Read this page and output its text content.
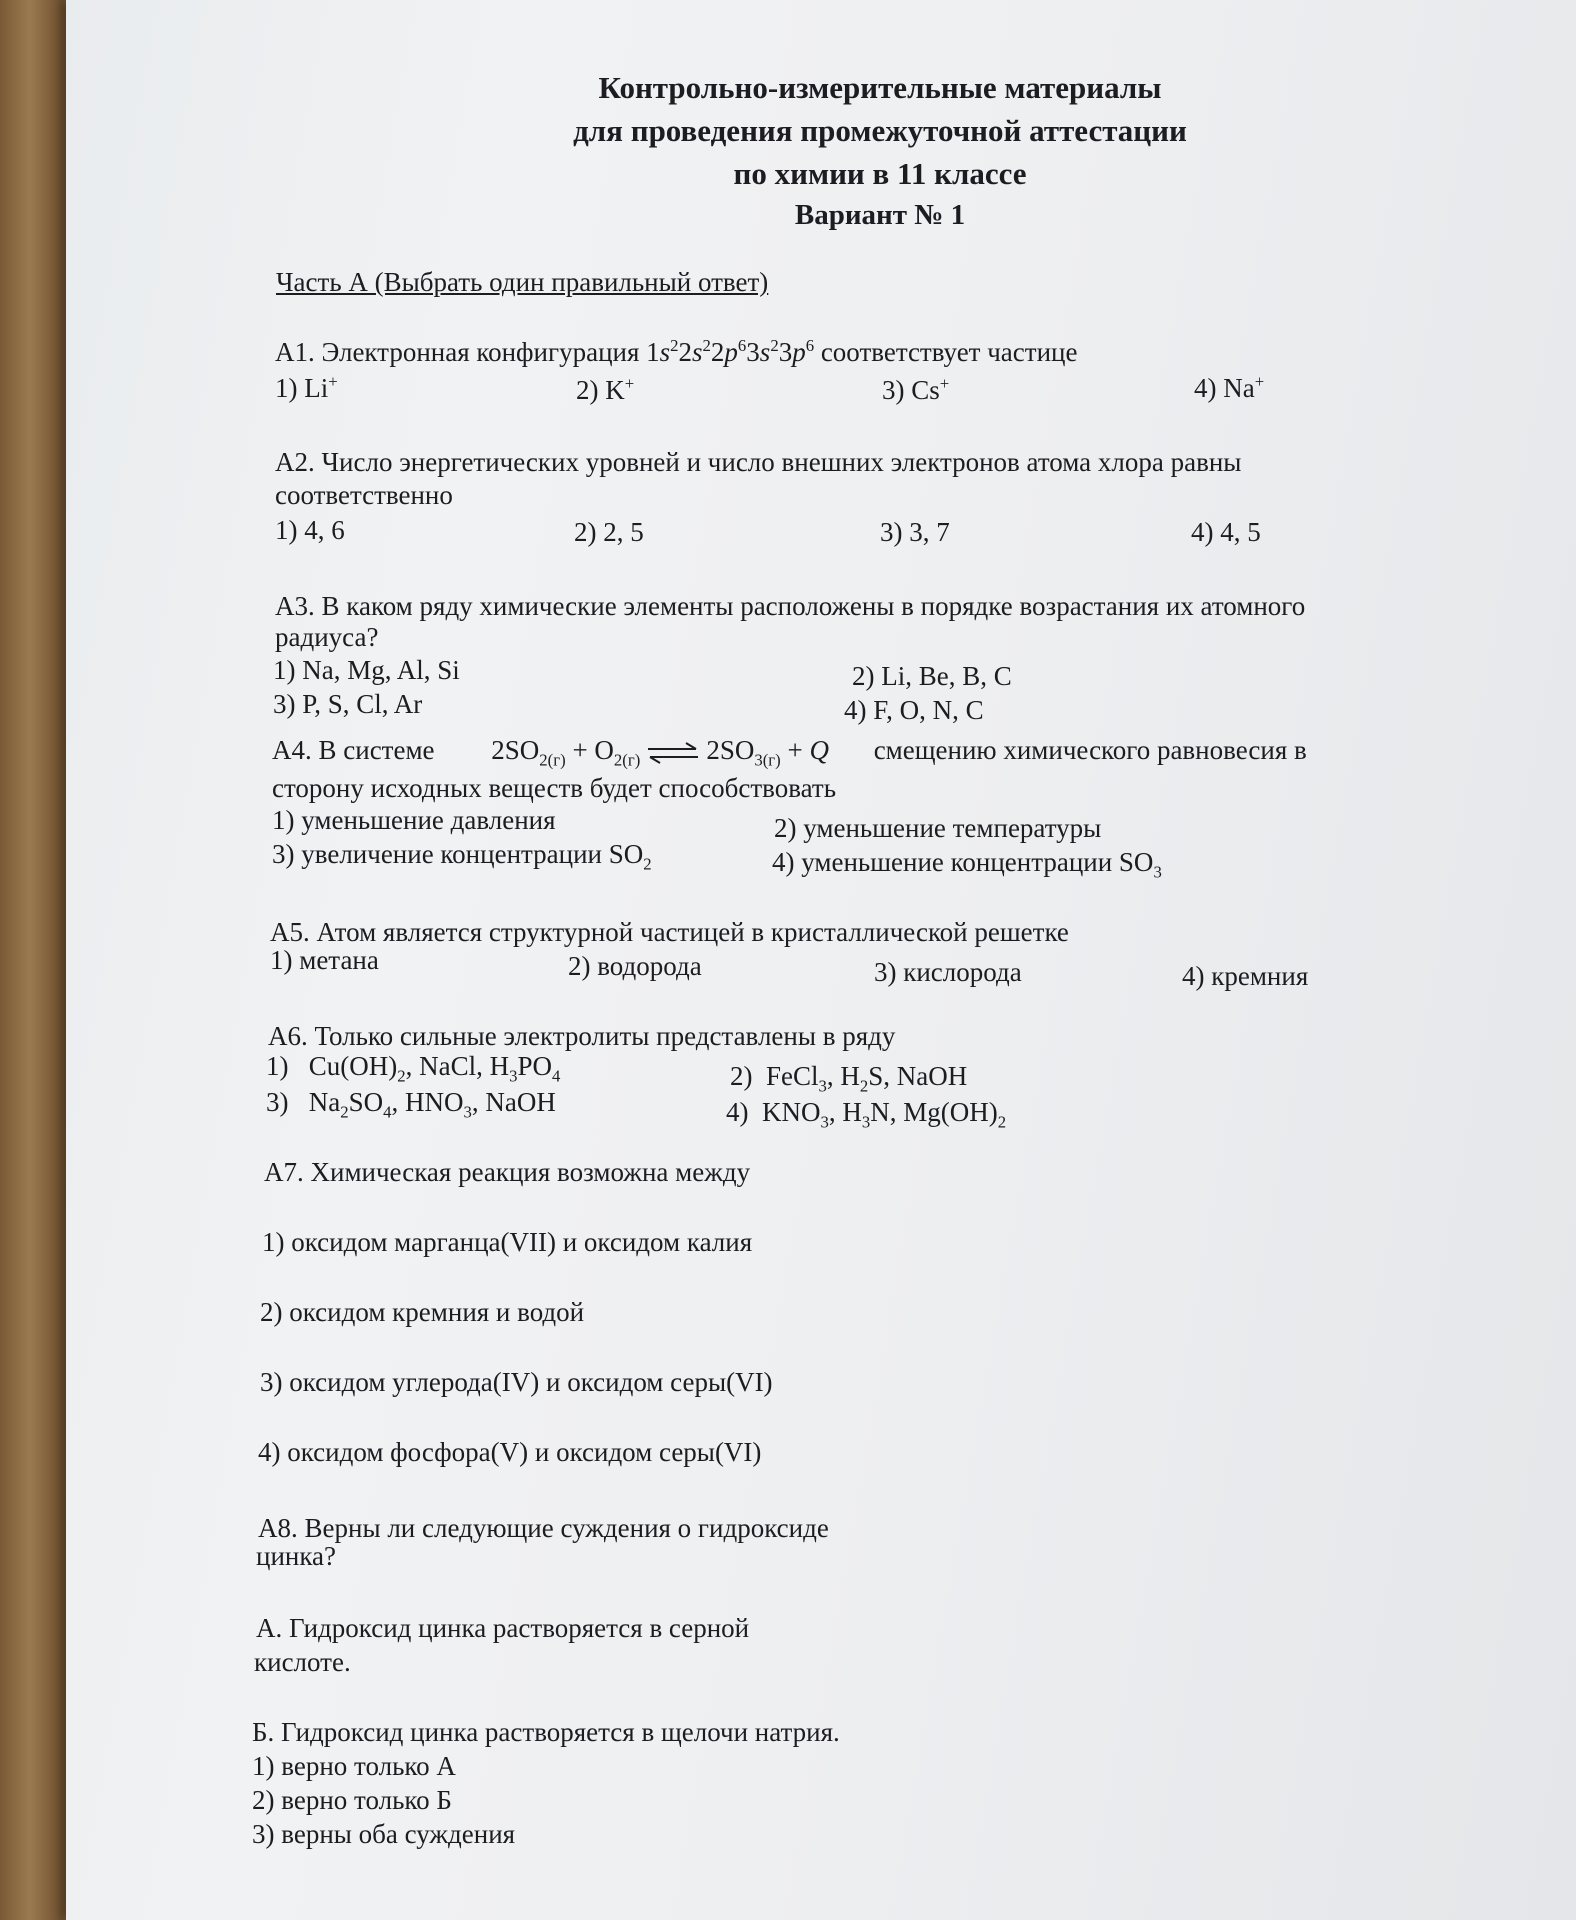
Контрольно-измерительные материалы
для проведения промежуточной аттестации
по химии в 11 классе
Вариант № 1
Часть А (Выбрать один правильный ответ)
А1. Электронная конфигурация $1s^22s^22p^63s^23p^6$ соответствует частице
1) Li+	2) K+	3) Cs+	4) Na+
А2. Число энергетических уровней и число внешних электронов атома хлора равны
соответственно
1) 4, 6	2) 2, 5	3) 3, 7	4) 4, 5
А3. В каком ряду химические элементы расположены в порядке возрастания их атомного
радиуса?
1) Na, Mg, Al, Si	2) Li, Be, B, C
3) P, S, Cl, Ar	4) F, O, N, C
А4. В системе $2SO_{2(г)} + O_{2(г)}$ ⇌ $2SO_{3(г)} + Q$ смещению химического равновесия в
сторону исходных веществ будет способствовать
1) уменьшение давления	2) уменьшение температуры
3) увеличение концентрации $SO_2$	4) уменьшение концентрации $SO_3$
А5. Атом является структурной частицей в кристаллической решетке
1) метана	2) водорода	3) кислорода	4) кремния
А6. Только сильные электролиты представлены в ряду
1)   $Cu(OH)_2$, NaCl, $H_3PO_4$	2)  FeCl$_3$, $H_2S$, NaOH
3)   $Na_2SO_4$, $HNO_3$, NaOH	4)  $KNO_3$, $H_3N$, $Mg(OH)_2$
А7. Химическая реакция возможна между
1) оксидом марганца(VII) и оксидом калия
2) оксидом кремния и водой
3) оксидом углерода(IV) и оксидом серы(VI)
4) оксидом фосфора(V) и оксидом серы(VI)
А8. Верны ли следующие суждения о гидроксиде
цинка?
А. Гидроксид цинка растворяется в серной
кислоте.
Б. Гидроксид цинка растворяется в щелочи натрия.
1) верно только А
2) верно только Б
3) верны оба суждения
